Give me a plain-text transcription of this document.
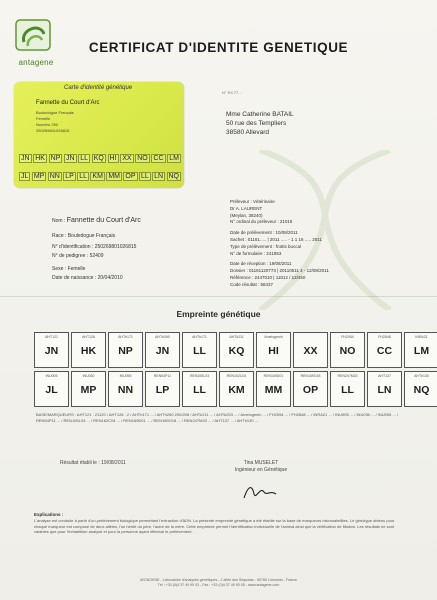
antagene
CERTIFICAT D'IDENTITE GENETIQUE
Carte d'identité génétique
Fannette du Court d'Arc
Bouledogue Français
Femelle
Numéro 250
250269801026815
JN HK NP JN LL KQ HI XX NO CC LM
JL MP NN LP LL KM MM OP LL LN NQ
N° R4 77...
Mme Catherine BATAIL
50 rue des Templiers
38580 Allevard
Nom : Fannette du Court d'Arc
Race : Bouledogue Français
N° d'identification : 250269801026815
N° de pedigree : 52409
Sexe : Femelle
Date de naissance : 20/04/2010
Préleveur : Vétérinaire
Dr A. LAURENT
(Meylan, 38240)
N° ordinal du préleveur : 21016
Date de prélèvement : 10/08/2011
Sachet : 01161..... | 2011 ..... - 1 1 16 ..... 2011
Type de prélèvement : frottis buccal
N° de formulaire : 241853
Date de réception : 19/08/2011
Dossier : 01161120773 | 20110511 4 - 12/08/2011
Référence : 2447010 | 11812 / 12/450
Code résultat : 58437
Empreinte génétique
AHT121
JN
AHT126
HK
AHTh171
NP
AHTh260
JN
AHTh171
LL
AHTk211
KQ
Amelogenin
HI XX
FH2054
NO
FH2848
CC
INRA21
LM
INU005
JL
INU030
MP
INU055
NN
REN54P11
LP
REN105L03
LL
REN162C04
KM
REN169D01
MM
REN169O18
OP
REN247M23
LL
AHT137
LN
AHTh130
NQ
BASE/MARQUEURS : AHT121 : 21120 / AHT126 : 2 / AHTh171 ... / AHTh260 200/208 / AHTk211 ... / AHTk253 ... / Amelogenin ... / FH2054 ... / FH2848 ... / INRA21 ... / INU005 ... / INU030 ... / INU055 ... / REN54P11 ... / REN105L03 ... / REN162C04 ... / REN169D01 ... / REN169O18 ... / REN247M23 ... / AHT137 ... / AHTh130 ...
Résultat établi le : 19/08/2011	Tina MUSELET
Ingénieur en Génétique
Explications :
L'analyse est conduite à partir d'un prélèvement biologique permettant l'extraction d'ADN. La présente empreinte génétique a été établie sur la base de marqueurs microsatellites. Le génotype obtenu pour chaque marqueur est composé de deux allèles, l'un hérité du père, l'autre de la mère. Cette empreinte permet l'identification individuelle de l'animal ainsi que la vérification de filiation. Les résultats ne sont valables que pour l'échantillon analysé et pour la personne ayant effectué le prélèvement.
ANTAGENE - Laboratoire d'analyses génétiques - 2 allée des Séquoias - 69760 Limonest - France
Tél : +33 (0)4 37 49 90 03 - Fax : +33 (0)4 37 49 90 05 - www.antagene.com
